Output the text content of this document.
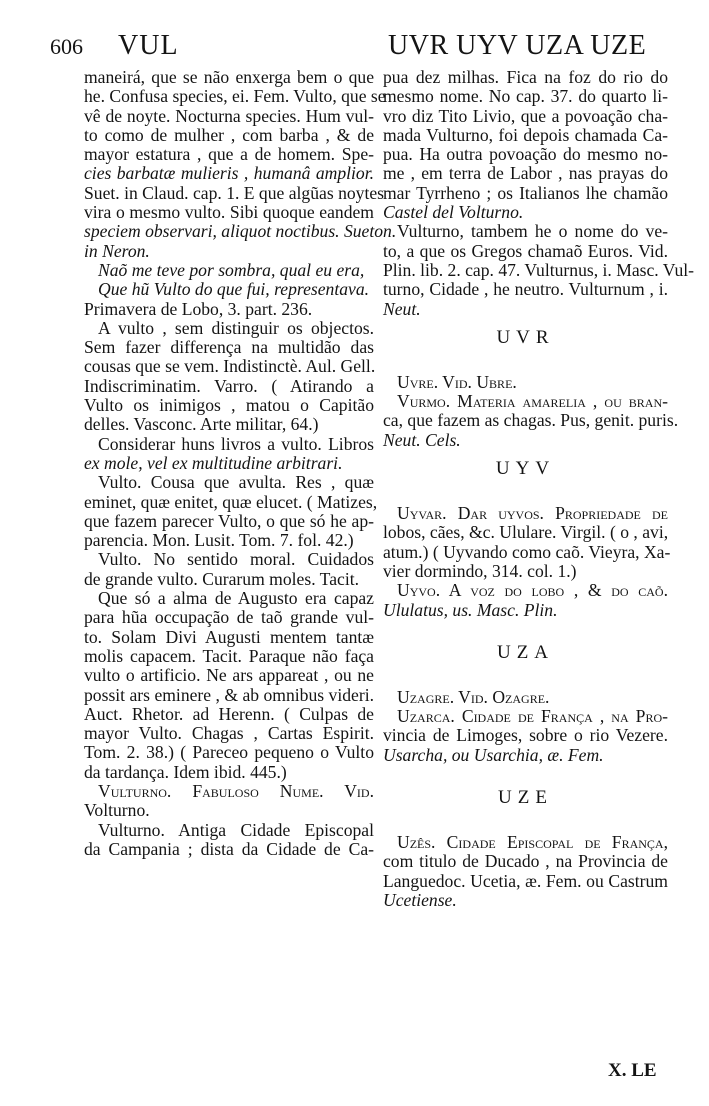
606 VUL	UVR UYV UZA UZE
maneirá, que se não enxerga bem o que
he. Confusa species, ei. Fem. Vulto, que se
vê de noyte. Nocturna species. Hum vul-
to como de mulher , com barba , & de
mayor estatura , que a de homem. Spe-
cies barbatæ mulieris , humanâ amplior.
Suet. in Claud. cap. 1. E que algũas noytes
vira o mesmo vulto. Sibi quoque eandem
speciem observari, aliquot noctibus. Sueton.
in Neron.
Naõ me teve por sombra, qual eu era,
Que hũ Vulto do que fui, representava.
Primavera de Lobo, 3. part. 236.
A vulto , sem distinguir os objectos.
Sem fazer differença na multidão das
cousas que se vem. Indistinctè. Aul. Gell.
Indiscriminatim. Varro. ( Atirando a
Vulto os inimigos , matou o Capitão
delles. Vasconc. Arte militar, 64.)
Considerar huns livros a vulto. Libros
ex mole, vel ex multitudine arbitrari.
Vulto. Cousa que avulta. Res , quæ
eminet, quæ enitet, quæ elucet. ( Matizes,
que fazem parecer Vulto, o que só he ap-
parencia. Mon. Lusit. Tom. 7. fol. 42.)
Vulto. No sentido moral. Cuidados
de grande vulto. Curarum moles. Tacit.
Que só a alma de Augusto era capaz
para hũa occupação de taõ grande vul-
to. Solam Divi Augusti mentem tantæ
molis capacem. Tacit. Paraque não faça
vulto o artificio. Ne ars appareat , ou ne
possit ars eminere , & ab omnibus videri.
Auct. Rhetor. ad Herenn. ( Culpas de
mayor Vulto. Chagas , Cartas Espirit.
Tom. 2. 38.) ( Pareceo pequeno o Vulto
da tardança. Idem ibid. 445.)
Vulturno. Fabuloso Nume. Vid.
Volturno.
Vulturno. Antiga Cidade Episcopal
da Campania ; dista da Cidade de Ca-
pua dez milhas. Fica na foz do rio do
mesmo nome. No cap. 37. do quarto li-
vro diz Tito Livio, que a povoação cha-
mada Vulturno, foi depois chamada Ca-
pua. Ha outra povoação do mesmo no-
me , em terra de Labor , nas prayas do
mar Tyrrheno ; os Italianos lhe chamão
Castel del Volturno.
Vulturno, tambem he o nome do ve-
to, a que os Gregos chamaõ Euros. Vid.
Plin. lib. 2. cap. 47. Vulturnus, i. Masc. Vul-
turno, Cidade , he neutro. Vulturnum , i.
Neut.
UVR
Uvre. Vid. Ubre.
Vurmo. Materia amarelia , ou bran-
ca, que fazem as chagas. Pus, genit. puris.
Neut. Cels.
UYV
Uyvar. Dar uyvos. Propriedade de
lobos, cães, &c. Ululare. Virgil. ( o , avi,
atum.) ( Uyvando como caõ. Vieyra, Xa-
vier dormindo, 314. col. 1.)
Uyvo. A voz do lobo , & do caõ.
Ululatus, us. Masc. Plin.
UZA
Uzagre. Vid. Ozagre.
Uzarca. Cidade de França , na Pro-
vincia de Limoges, sobre o rio Vezere.
Usarcha, ou Usarchia, æ. Fem.
UZE
Uzês. Cidade Episcopal de França,
com titulo de Ducado , na Provincia de
Languedoc. Ucetia, æ. Fem. ou Castrum
Ucetiense.
X. LE
